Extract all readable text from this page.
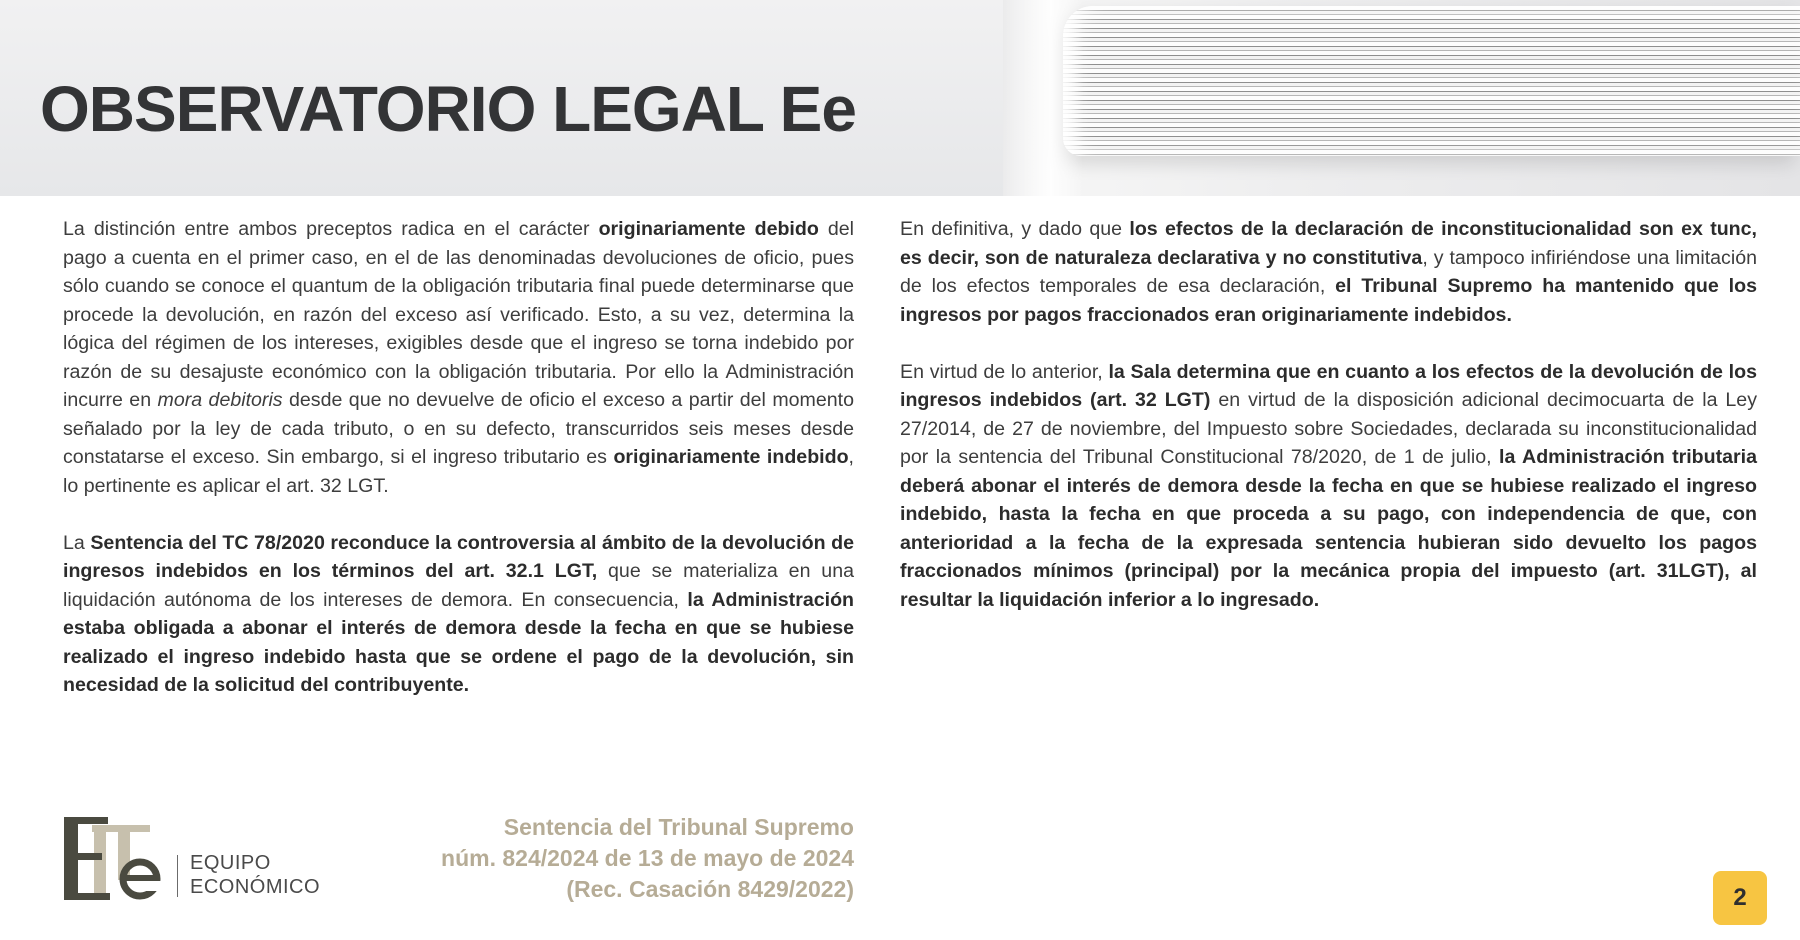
OBSERVATORIO LEGAL Ee

La distinción entre ambos preceptos radica en el carácter originariamente debido del pago a cuenta en el primer caso, en el de las denominadas devoluciones de oficio, pues sólo cuando se conoce el quantum de la obligación tributaria final puede determinarse que procede la devolución, en razón del exceso así verificado. Esto, a su vez, determina la lógica del régimen de los intereses, exigibles desde que el ingreso se torna indebido por razón de su desajuste económico con la obligación tributaria. Por ello la Administración incurre en mora debitoris desde que no devuelve de oficio el exceso a partir del momento señalado por la ley de cada tributo, o en su defecto, transcurridos seis meses desde constatarse el exceso. Sin embargo, si el ingreso tributario es originariamente indebido, lo pertinente es aplicar el art. 32 LGT.

La Sentencia del TC 78/2020 reconduce la controversia al ámbito de la devolución de ingresos indebidos en los términos del art. 32.1 LGT, que se materializa en una liquidación autónoma de los intereses de demora. En consecuencia, la Administración estaba obligada a abonar el interés de demora desde la fecha en que se hubiese realizado el ingreso indebido hasta que se ordene el pago de la devolución, sin necesidad de la solicitud del contribuyente.

En definitiva, y dado que los efectos de la declaración de inconstitucionalidad son ex tunc, es decir, son de naturaleza declarativa y no constitutiva, y tampoco infiriéndose una limitación de los efectos temporales de esa declaración, el Tribunal Supremo ha mantenido que los ingresos por pagos fraccionados eran originariamente indebidos.

En virtud de lo anterior, la Sala determina que en cuanto a los efectos de la devolución de los ingresos indebidos (art. 32 LGT) en virtud de la disposición adicional decimocuarta de la Ley 27/2014, de 27 de noviembre, del Impuesto sobre Sociedades, declarada su inconstitucionalidad por la sentencia del Tribunal Constitucional 78/2020, de 1 de julio, la Administración tributaria deberá abonar el interés de demora desde la fecha en que se hubiese realizado el ingreso indebido, hasta la fecha en que proceda a su pago, con independencia de que, con anterioridad a la fecha de la expresada sentencia hubieran sido devuelto los pagos fraccionados mínimos (principal) por la mecánica propia del impuesto (art. 31LGT), al resultar la liquidación inferior a lo ingresado.

EQUIPO
ECONÓMICO
Sentencia del Tribunal Supremo
núm. 824/2024 de 13 de mayo de 2024
(Rec. Casación 8429/2022)	2
